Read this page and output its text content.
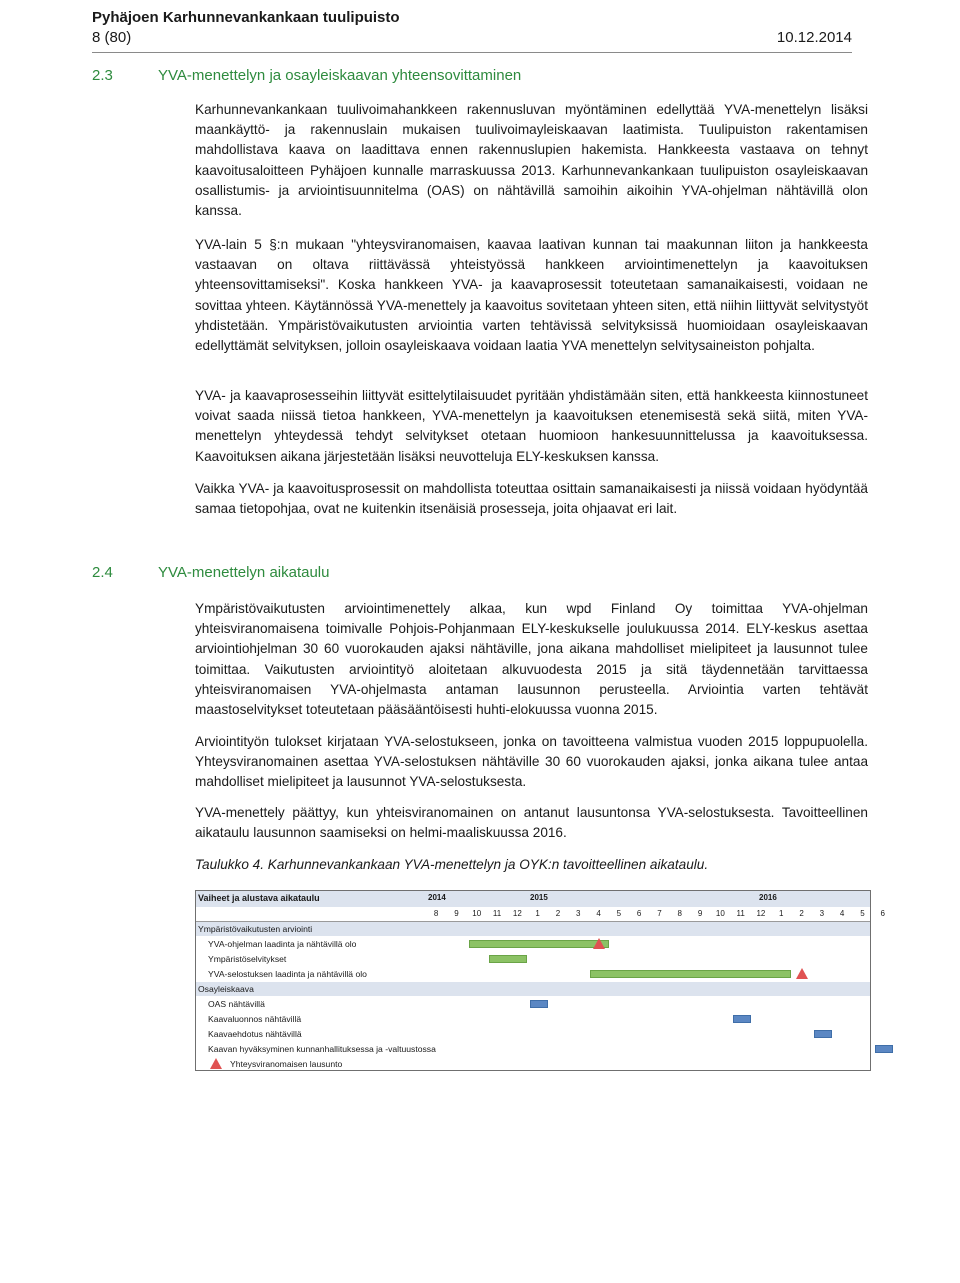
Pyhäjoen Karhunnevankankaan tuulipuisto
8 (80)	10.12.2014
2.3	YVA-menettelyn ja osayleiskaavan yhteensovittaminen

Karhunnevankankaan tuulivoimahankkeen rakennusluvan myöntäminen edellyttää YVA-menettelyn lisäksi maankäyttö- ja rakennuslain mukaisen tuulivoimayleiskaavan laatimista. Tuulipuiston rakentamisen mahdollistava kaava on laadittava ennen rakennuslupien hakemista. Hankkeesta vastaava on tehnyt kaavoitusaloitteen Pyhäjoen kunnalle marraskuussa 2013. Karhunnevankankaan tuulipuiston osayleiskaavan osallistumis- ja arviointisuunnitelma (OAS) on nähtävillä samoihin aikoihin YVA-ohjelman nähtävillä olon kanssa.

YVA-lain 5 §:n mukaan "yhteysviranomaisen, kaavaa laativan kunnan tai maakunnan liiton ja hankkeesta vastaavan on oltava riittävässä yhteistyössä hankkeen arviointimenettelyn ja kaavoituksen yhteensovittamiseksi". Koska hankkeen YVA- ja kaavaprosessit toteutetaan samanaikaisesti, voidaan ne sovittaa yhteen. Käytännössä YVA-menettely ja kaavoitus sovitetaan yhteen siten, että niihin liittyvät selvitystyöt yhdistetään. Ympäristövaikutusten arviointia varten tehtävissä selvityksissä huomioidaan osayleiskaavan edellyttämät selvityksen, jolloin osayleiskaava voidaan laatia YVA menettelyn selvitysaineiston pohjalta.

YVA- ja kaavaprosesseihin liittyvät esittelytilaisuudet pyritään yhdistämään siten, että hankkeesta kiinnostuneet voivat saada niissä tietoa hankkeen, YVA-menettelyn ja kaavoituksen etenemisestä sekä siitä, miten YVA-menettelyn yhteydessä tehdyt selvitykset otetaan huomioon hankesuunnittelussa ja kaavoituksessa. Kaavoituksen aikana järjestetään lisäksi neuvotteluja ELY-keskuksen kanssa.

Vaikka YVA- ja kaavoitusprosessit on mahdollista toteuttaa osittain samanaikaisesti ja niissä voidaan hyödyntää samaa tietopohjaa, ovat ne kuitenkin itsenäisiä prosesseja, joita ohjaavat eri lait.

2.4	YVA-menettelyn aikataulu

Ympäristövaikutusten arviointimenettely alkaa, kun wpd Finland Oy toimittaa YVA-ohjelman yhteisviranomaisena toimivalle Pohjois-Pohjanmaan ELY-keskukselle joulukuussa 2014. ELY-keskus asettaa arviointiohjelman 30 60 vuorokauden ajaksi nähtäville, jona aikana mahdolliset mielipiteet ja lausunnot tulee toimittaa. Vaikutusten arviointityö aloitetaan alkuvuodesta 2015 ja sitä täydennetään tarvittaessa yhteisviranomaisen YVA-ohjelmasta antaman lausunnon perusteella. Arviointia varten tehtävät maastoselvitykset toteutetaan pääsääntöisesti huhti-elokuussa vuonna 2015.

Arviointityön tulokset kirjataan YVA-selostukseen, jonka on tavoitteena valmistua vuoden 2015 loppupuolella. Yhteysviranomainen asettaa YVA-selostuksen nähtäville 30 60 vuorokauden ajaksi, jonka aikana tulee antaa mahdolliset mielipiteet ja lausunnot YVA-selostuksesta.

YVA-menettely päättyy, kun yhteisviranomainen on antanut lausuntonsa YVA-selostuksesta. Tavoitteellinen aikataulu lausunnon saamiseksi on helmi-maaliskuussa 2016.

Taulukko 4. Karhunnevankankaan YVA-menettelyn ja OYK:n tavoitteellinen aikataulu.
Vaiheet ja alustava aikataulu	2014	2015	2016
8	9	10	11	12	1	2	3	4	5	6	7	8	9	10	11	12	1	2	3	4	5	6
Ympäristövaikutusten arviointi
YVA-ohjelman laadinta ja nähtävillä olo
Ympäristöselvitykset
YVA-selostuksen laadinta ja nähtävillä olo
Osayleiskaava
OAS nähtävillä
Kaavaluonnos nähtävillä
Kaavaehdotus nähtävillä
Kaavan hyväksyminen kunnanhallituksessa ja -valtuustossa
Yhteysviranomaisen lausunto
